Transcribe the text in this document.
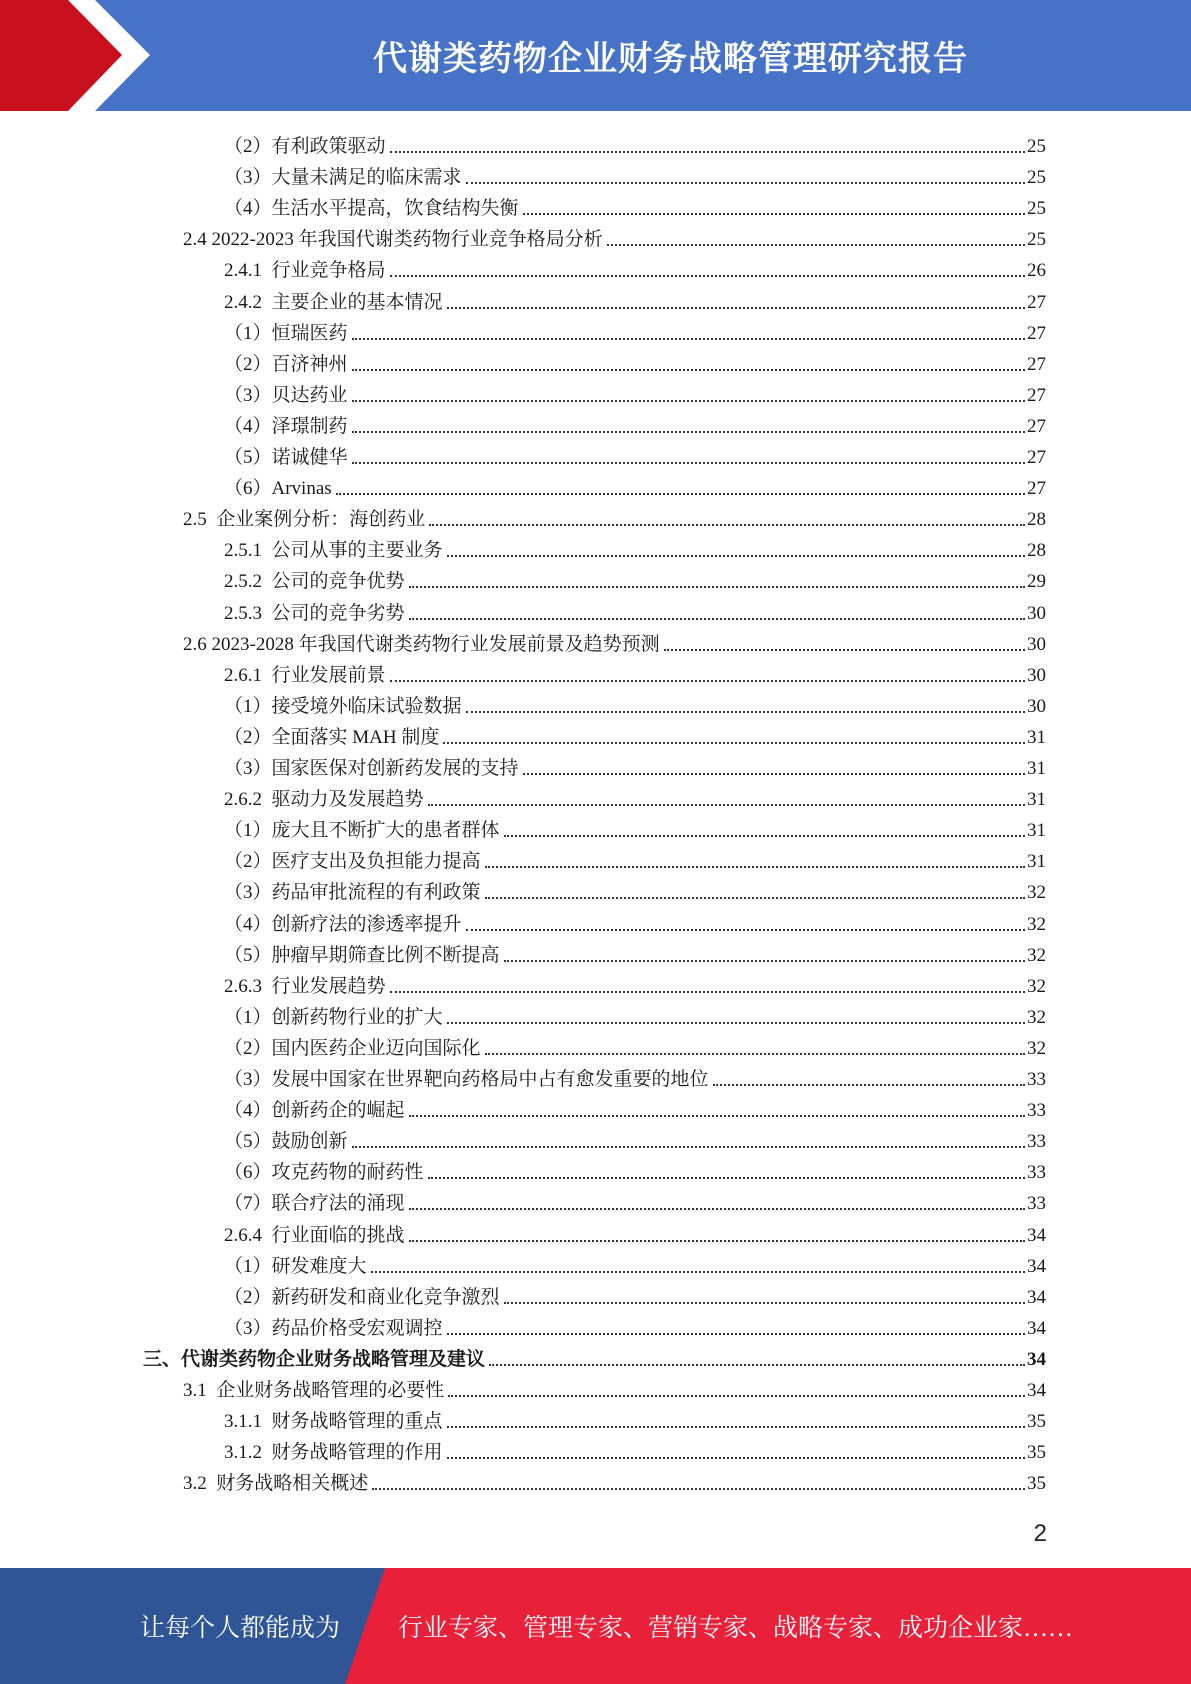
代谢类药物企业财务战略管理研究报告
（2）有利政策驱动	25
（3）大量未满足的临床需求	25
（4）生活水平提高，饮食结构失衡	25
2.4 2022-2023 年我国代谢类药物行业竞争格局分析	25
2.4.1  行业竞争格局	26
2.4.2  主要企业的基本情况	27
（1）恒瑞医药	27
（2）百济神州	27
（3）贝达药业	27
（4）泽璟制药	27
（5）诺诚健华	27
（6）Arvinas	27
2.5  企业案例分析：海创药业	28
2.5.1  公司从事的主要业务	28
2.5.2  公司的竞争优势	29
2.5.3  公司的竞争劣势	30
2.6 2023-2028 年我国代谢类药物行业发展前景及趋势预测	30
2.6.1  行业发展前景	30
（1）接受境外临床试验数据	30
（2）全面落实 MAH 制度	31
（3）国家医保对创新药发展的支持	31
2.6.2  驱动力及发展趋势	31
（1）庞大且不断扩大的患者群体	31
（2）医疗支出及负担能力提高	31
（3）药品审批流程的有利政策	32
（4）创新疗法的渗透率提升	32
（5）肿瘤早期筛查比例不断提高	32
2.6.3  行业发展趋势	32
（1）创新药物行业的扩大	32
（2）国内医药企业迈向国际化	32
（3）发展中国家在世界靶向药格局中占有愈发重要的地位	33
（4）创新药企的崛起	33
（5）鼓励创新	33
（6）攻克药物的耐药性	33
（7）联合疗法的涌现	33
2.6.4  行业面临的挑战	34
（1）研发难度大	34
（2）新药研发和商业化竞争激烈	34
（3）药品价格受宏观调控	34
三、代谢类药物企业财务战略管理及建议	34
3.1  企业财务战略管理的必要性	34
3.1.1  财务战略管理的重点	35
3.1.2  财务战略管理的作用	35
3.2  财务战略相关概述	35
2
让每个人都能成为 行业专家、管理专家、营销专家、战略专家、成功企业家……
